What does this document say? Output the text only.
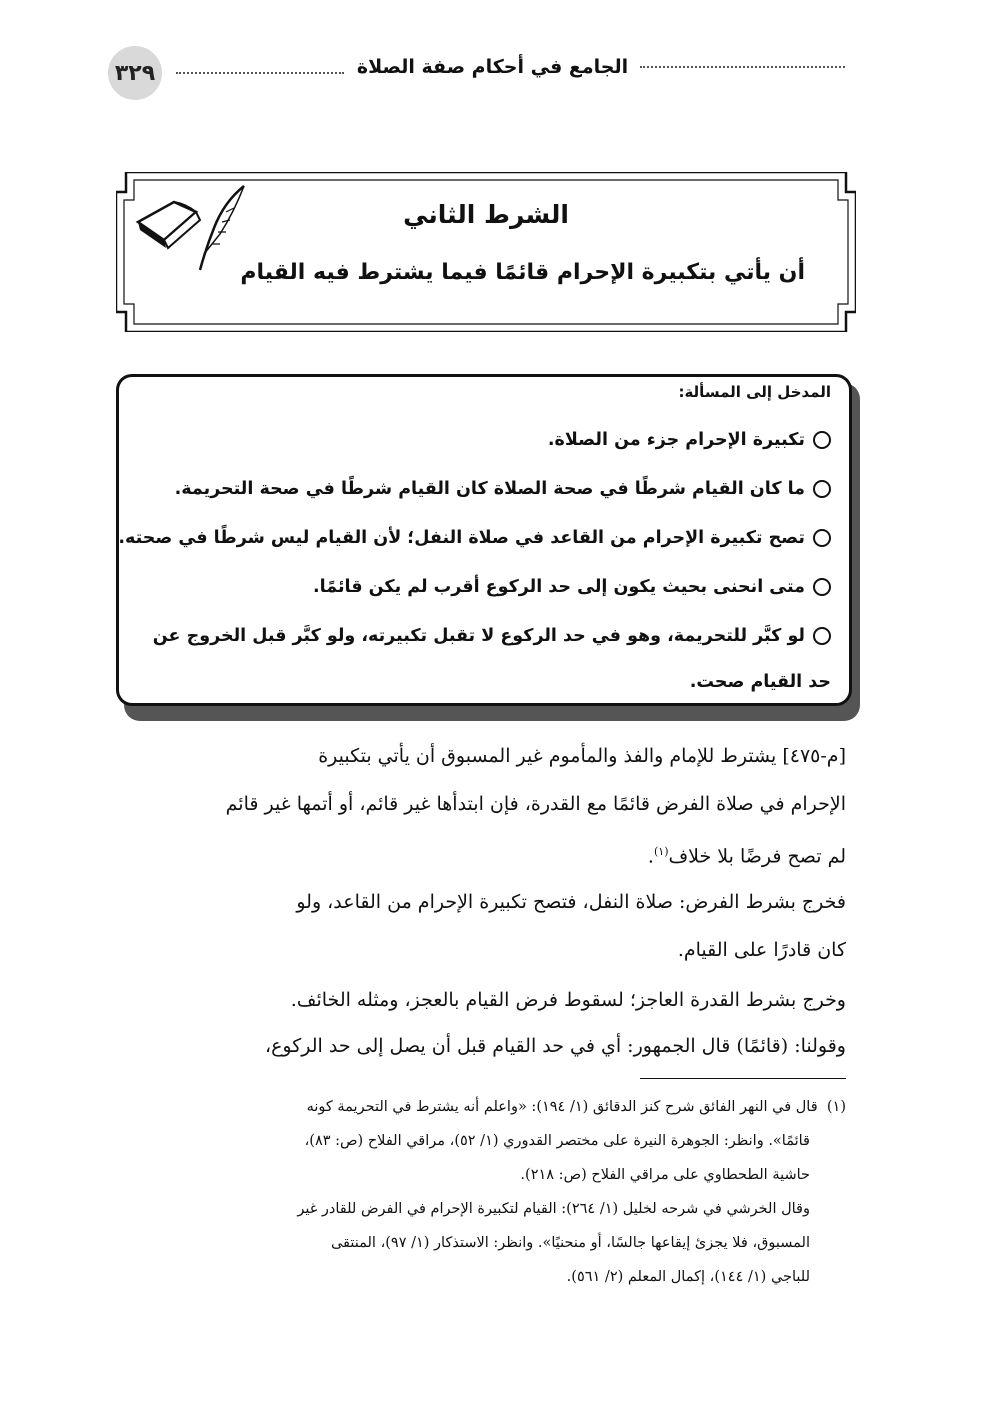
٣٢٩	الجامع في أحكام صفة الصلاة
الشرط الثاني
أن يأتي بتكبيرة الإحرام قائمًا فيما يشترط فيه القيام
المدخل إلى المسألة:
تكبيرة الإحرام جزء من الصلاة.
ما كان القيام شرطًا في صحة الصلاة كان القيام شرطًا في صحة التحريمة.
تصح تكبيرة الإحرام من القاعد في صلاة النفل؛ لأن القيام ليس شرطًا في صحته.
متى انحنى بحيث يكون إلى حد الركوع أقرب لم يكن قائمًا.
لو كبَّر للتحريمة، وهو في حد الركوع لا تقبل تكبيرته، ولو كبَّر قبل الخروج عن
حد القيام صحت.
[م-٤٧٥] يشترط للإمام والفذ والمأموم غير المسبوق أن يأتي بتكبيرة
الإحرام في صلاة الفرض قائمًا مع القدرة، فإن ابتدأها غير قائم، أو أتمها غير قائم
لم تصح فرضًا بلا خلاف$^{(١)}$.
فخرج بشرط الفرض: صلاة النفل، فتصح تكبيرة الإحرام من القاعد، ولو
كان قادرًا على القيام.
وخرج بشرط القدرة العاجز؛ لسقوط فرض القيام بالعجز، ومثله الخائف.
وقولنا: (قائمًا) قال الجمهور: أي في حد القيام قبل أن يصل إلى حد الركوع،
(١)  قال في النهر الفائق شرح كنز الدقائق (١/ ١٩٤): «واعلم أنه يشترط في التحريمة كونه
قائمًا». وانظر: الجوهرة النيرة على مختصر القدوري (١/ ٥٢)، مراقي الفلاح (ص: ٨٣)،
حاشية الطحطاوي على مراقي الفلاح (ص: ٢١٨).
وقال الخرشي في شرحه لخليل (١/ ٢٦٤): القيام لتكبيرة الإحرام في الفرض للقادر غير
المسبوق، فلا يجزئ إيقاعها جالسًا، أو منحنيًا». وانظر: الاستذكار (١/ ٩٧)، المنتقى
للباجي (١/ ١٤٤)، إكمال المعلم (٢/ ٥٦١).
